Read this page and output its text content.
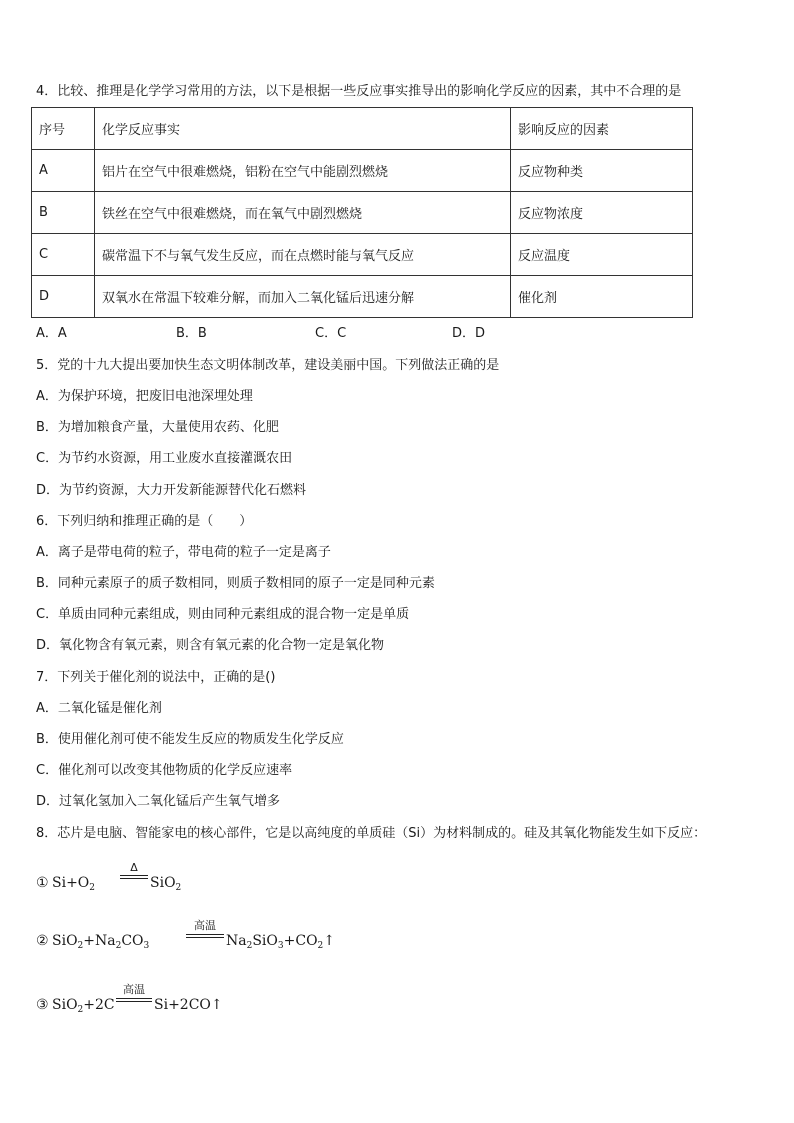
4．比较、推理是化学学习常用的方法，以下是根据一些反应事实推导出的影响化学反应的因素，其中不合理的是
序号	化学反应事实	影响反应的因素
A	铝片在空气中很难燃烧，铝粉在空气中能剧烈燃烧	反应物种类
B	铁丝在空气中很难燃烧，而在氧气中剧烈燃烧	反应物浓度
C	碳常温下不与氧气发生反应，而在点燃时能与氧气反应	反应温度
D	双氧水在常温下较难分解，而加入二氧化锰后迅速分解	催化剂
A．A	B．B	C．C	D．D
5．党的十九大提出要加快生态文明体制改革，建设美丽中国。下列做法正确的是
A．为保护环境，把废旧电池深埋处理
B．为增加粮食产量，大量使用农药、化肥
C．为节约水资源，用工业废水直接灌溉农田
D．为节约资源，大力开发新能源替代化石燃料
6．下列归纳和推理正确的是（　　）
A．离子是带电荷的粒子，带电荷的粒子一定是离子
B．同种元素原子的质子数相同，则质子数相同的原子一定是同种元素
C．单质由同种元素组成，则由同种元素组成的混合物一定是单质
D．氧化物含有氧元素，则含有氧元素的化合物一定是氧化物
7．下列关于催化剂的说法中，正确的是()
A．二氧化锰是催化剂
B．使用催化剂可使不能发生反应的物质发生化学反应
C．催化剂可以改变其他物质的化学反应速率
D．过氧化氢加入二氧化锰后产生氧气增多
8．芯片是电脑、智能家电的核心部件，它是以高纯度的单质硅（Si）为材料制成的。硅及其氧化物能发生如下反应：
① $Si+O_2$
Δ
SiO$_2$
② $SiO_2+Na_2CO_3$
高温
$Na_2SiO_3+CO_2↑$
③ SiO$_2$+2C
高温
Si+2CO↑
